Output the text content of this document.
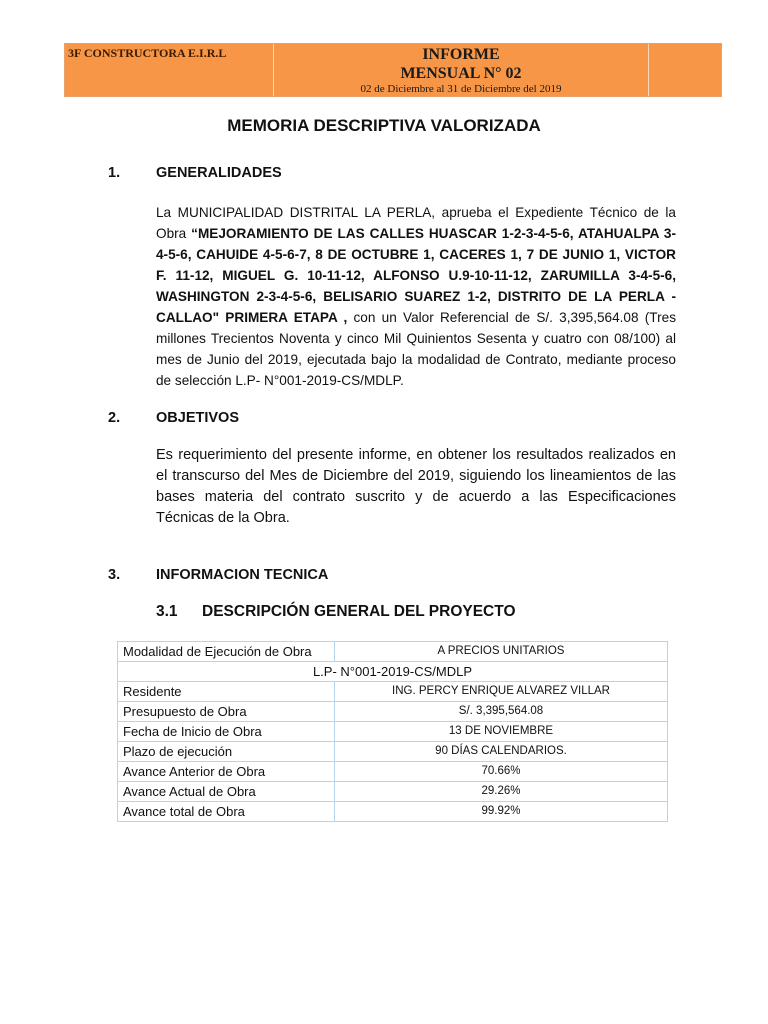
3F CONSTRUCTORA E.I.R.L	INFORME
MENSUAL N° 02
02 de Diciembre al 31 de Diciembre del 2019
MEMORIA DESCRIPTIVA VALORIZADA
1. GENERALIDADES
La MUNICIPALIDAD DISTRITAL LA PERLA, aprueba el Expediente Técnico de la Obra “MEJORAMIENTO DE LAS CALLES HUASCAR 1-2-3-4-5-6, ATAHUALPA 3-4-5-6, CAHUIDE 4-5-6-7, 8 DE OCTUBRE 1, CACERES 1, 7 DE JUNIO 1, VICTOR F. 11-12, MIGUEL G. 10-11-12, ALFONSO U.9-10-11-12, ZARUMILLA 3-4-5-6, WASHINGTON 2-3-4-5-6, BELISARIO SUAREZ 1-2, DISTRITO DE LA PERLA - CALLAO" PRIMERA ETAPA , con un Valor Referencial de S/. 3,395,564.08 (Tres millones Trecientos Noventa y cinco Mil Quinientos Sesenta y cuatro con 08/100) al mes de Junio del 2019, ejecutada bajo la modalidad de Contrato, mediante proceso de selección L.P- N°001-2019-CS/MDLP.
2. OBJETIVOS
Es requerimiento del presente informe, en obtener los resultados realizados en el transcurso del Mes de Diciembre del 2019, siguiendo los lineamientos de las bases materia del contrato suscrito y de acuerdo a las Especificaciones Técnicas de la Obra.
3. INFORMACION TECNICA
3.1 DESCRIPCIÓN GENERAL DEL PROYECTO
Modalidad de Ejecución de Obra	A PRECIOS UNITARIOS
L.P- N°001-2019-CS/MDLP	
Residente	ING. PERCY ENRIQUE ALVAREZ VILLAR
Presupuesto de Obra	S/. 3,395,564.08
Fecha de Inicio de Obra	13 DE NOVIEMBRE
Plazo de ejecución	90 DÍAS CALENDARIOS.
Avance Anterior de Obra	70.66%
Avance Actual de Obra	29.26%
Avance total de Obra	99.92%
